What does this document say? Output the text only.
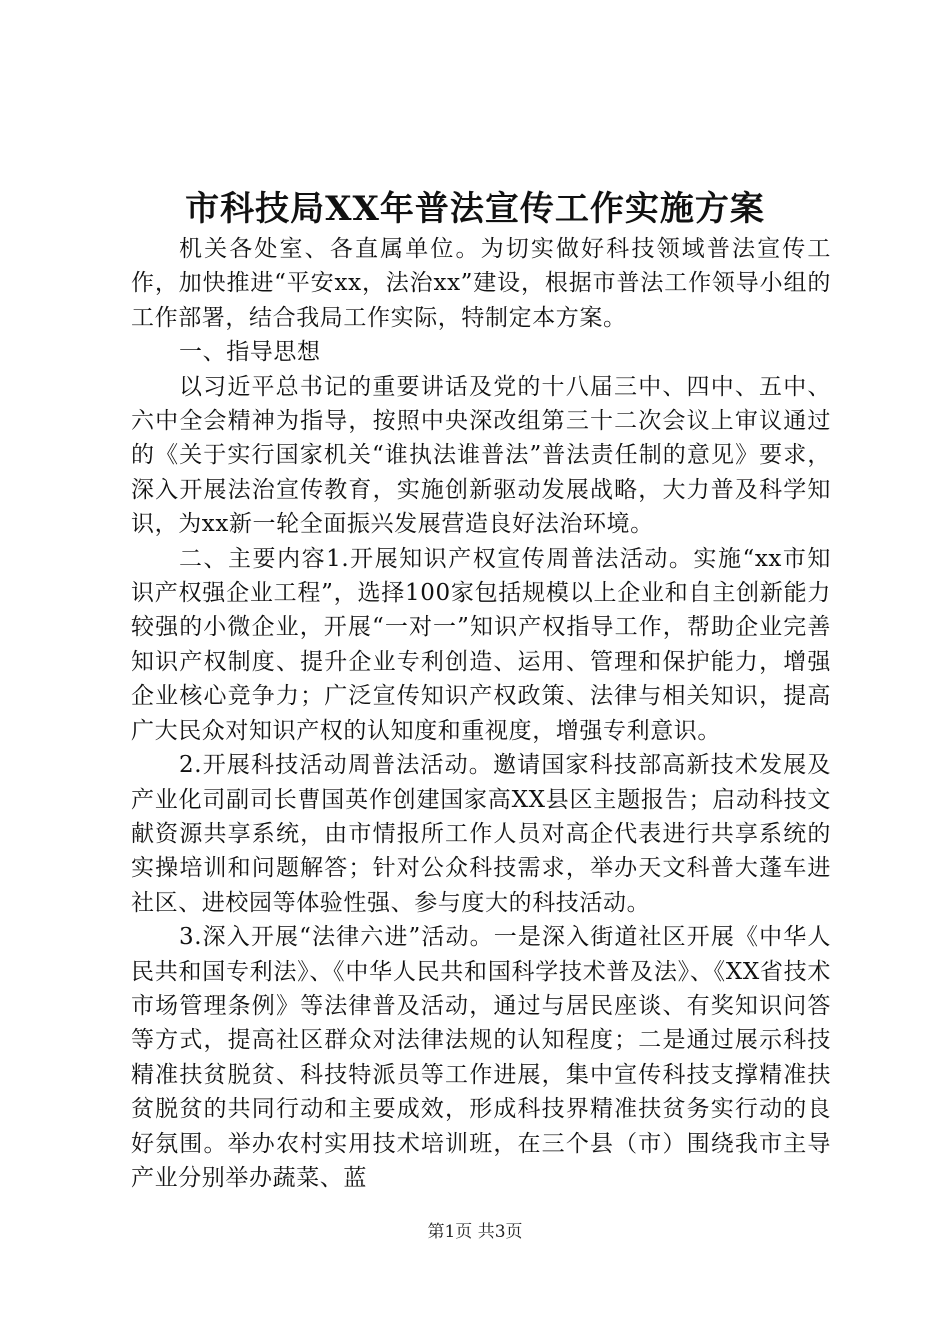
市科技局XX年普法宣传工作实施方案

机关各处室、各直属单位。为切实做好科技领域普法宣传工作，加快推进“平安xx，法治xx”建设，根据市普法工作领导小组的工作部署，结合我局工作实际，特制定本方案。

一、指导思想

以习近平总书记的重要讲话及党的十八届三中、四中、五中、六中全会精神为指导，按照中央深改组第三十二次会议上审议通过的《关于实行国家机关“谁执法谁普法”普法责任制的意见》要求，深入开展法治宣传教育，实施创新驱动发展战略，大力普及科学知识，为xx新一轮全面振兴发展营造良好法治环境。

二、主要内容1.开展知识产权宣传周普法活动。实施“xx市知识产权强企业工程”，选择100家包括规模以上企业和自主创新能力较强的小微企业，开展“一对一”知识产权指导工作，帮助企业完善知识产权制度、提升企业专利创造、运用、管理和保护能力，增强企业核心竞争力；广泛宣传知识产权政策、法律与相关知识，提高广大民众对知识产权的认知度和重视度，增强专利意识。

2.开展科技活动周普法活动。邀请国家科技部高新技术发展及产业化司副司长曹国英作创建国家高XX县区主题报告；启动科技文献资源共享系统，由市情报所工作人员对高企代表进行共享系统的实操培训和问题解答；针对公众科技需求，举办天文科普大蓬车进社区、进校园等体验性强、参与度大的科技活动。

3.深入开展“法律六进”活动。一是深入街道社区开展《中华人民共和国专利法》、《中华人民共和国科学技术普及法》、《XX省技术市场管理条例》等法律普及活动，通过与居民座谈、有奖知识问答等方式，提高社区群众对法律法规的认知程度；二是通过展示科技精准扶贫脱贫、科技特派员等工作进展，集中宣传科技支撑精准扶贫脱贫的共同行动和主要成效，形成科技界精准扶贫务实行动的良好氛围。举办农村实用技术培训班，在三个县（市）围绕我市主导产业分别举办蔬菜、蓝

第1页 共3页
